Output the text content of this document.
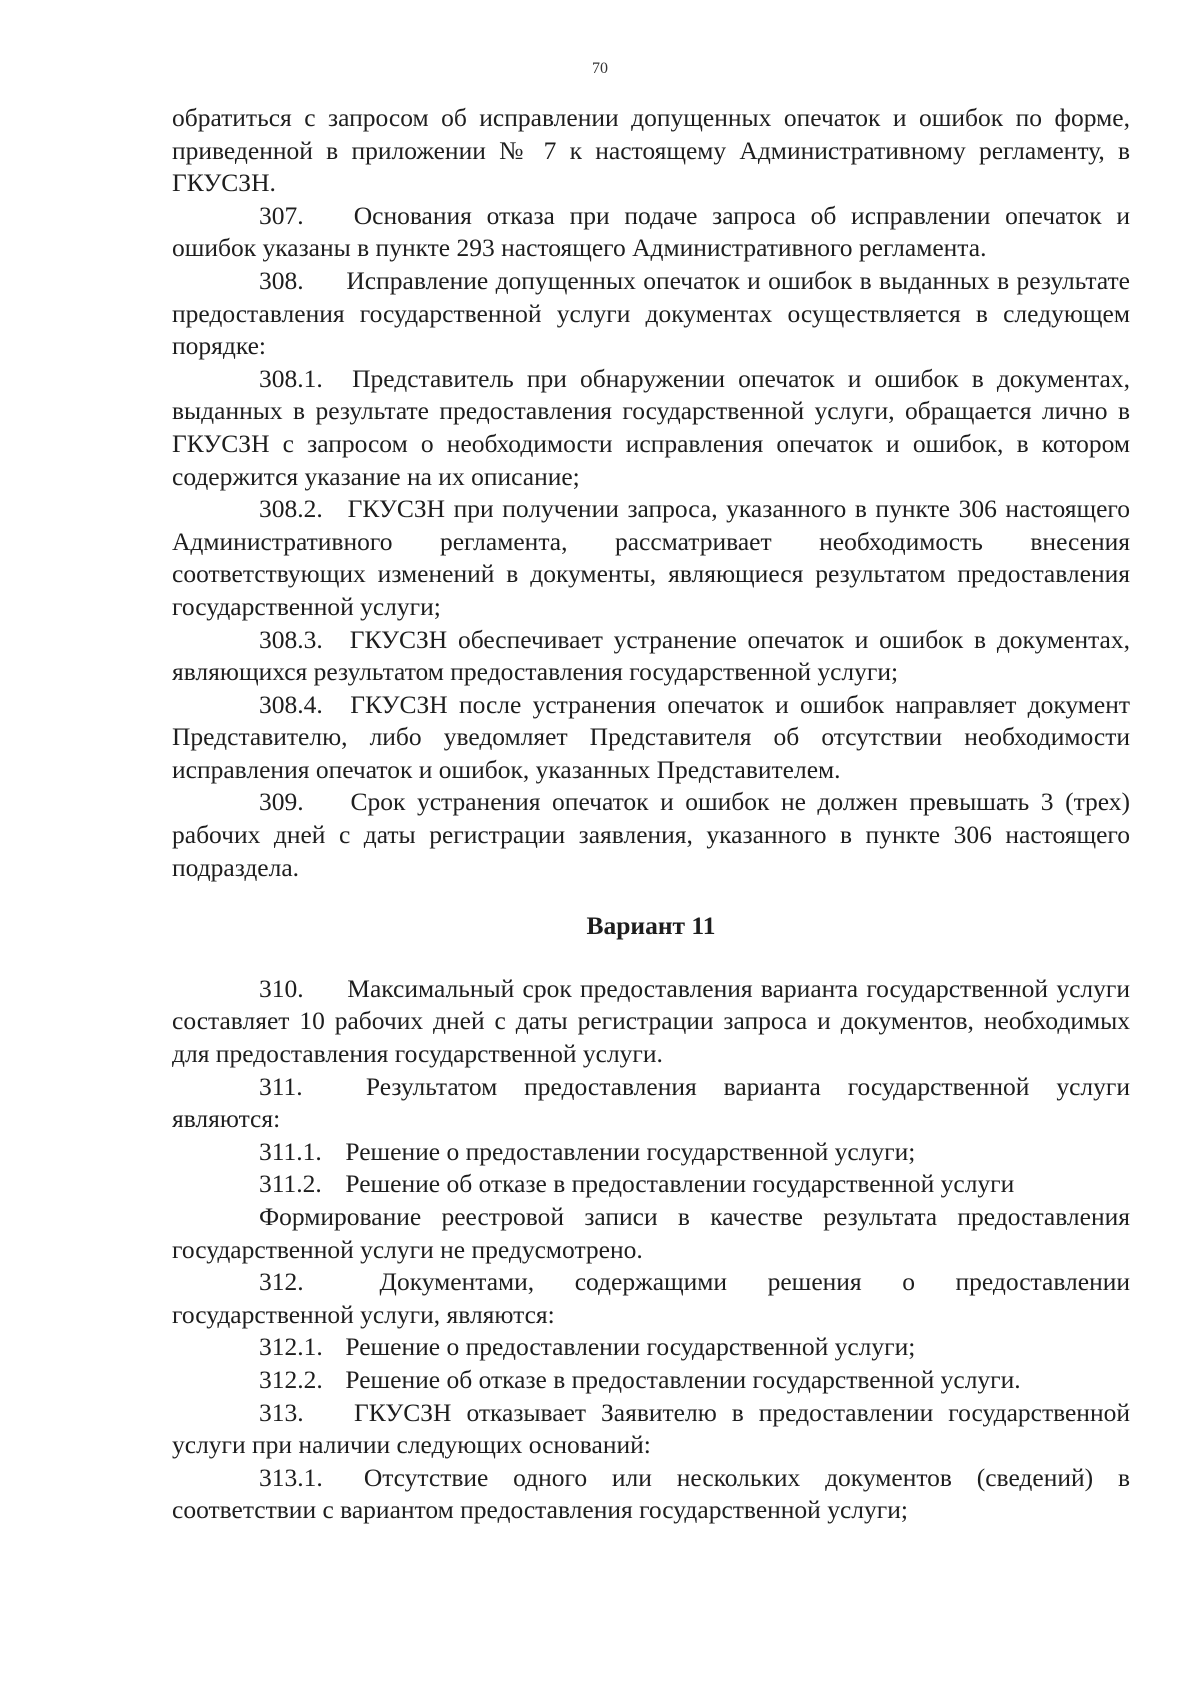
70

обратиться с запросом об исправлении допущенных опечаток и ошибок по форме, приведенной в приложении № 7 к настоящему Административному регламенту, в ГКУСЗН.

307. Основания отказа при подаче запроса об исправлении опечаток и ошибок указаны в пункте 293 настоящего Административного регламента.

308. Исправление допущенных опечаток и ошибок в выданных в результате предоставления государственной услуги документах осуществляется в следующем порядке:

308.1. Представитель при обнаружении опечаток и ошибок в документах, выданных в результате предоставления государственной услуги, обращается лично в ГКУСЗН с запросом о необходимости исправления опечаток и ошибок, в котором содержится указание на их описание;

308.2. ГКУСЗН при получении запроса, указанного в пункте 306 настоящего Административного регламента, рассматривает необходимость внесения соответствующих изменений в документы, являющиеся результатом предоставления государственной услуги;

308.3. ГКУСЗН обеспечивает устранение опечаток и ошибок в документах, являющихся результатом предоставления государственной услуги;

308.4. ГКУСЗН после устранения опечаток и ошибок направляет документ Представителю, либо уведомляет Представителя об отсутствии необходимости исправления опечаток и ошибок, указанных Представителем.

309. Срок устранения опечаток и ошибок не должен превышать 3 (трех) рабочих дней с даты регистрации заявления, указанного в пункте 306 настоящего подраздела.

Вариант 11

310. Максимальный срок предоставления варианта государственной услуги составляет 10 рабочих дней с даты регистрации запроса и документов, необходимых для предоставления государственной услуги.

311. Результатом предоставления варианта государственной услуги являются:

311.1. Решение о предоставлении государственной услуги;

311.2. Решение об отказе в предоставлении государственной услуги

Формирование реестровой записи в качестве результата предоставления государственной услуги не предусмотрено.

312.	Документами, содержащими решения о предоставлении государственной услуги, являются:

312.1. Решение о предоставлении государственной услуги;

312.2. Решение об отказе в предоставлении государственной услуги.

313. ГКУСЗН отказывает Заявителю в предоставлении государственной услуги при наличии следующих оснований:

313.1. Отсутствие одного или нескольких документов (сведений) в соответствии с вариантом предоставления государственной услуги;
